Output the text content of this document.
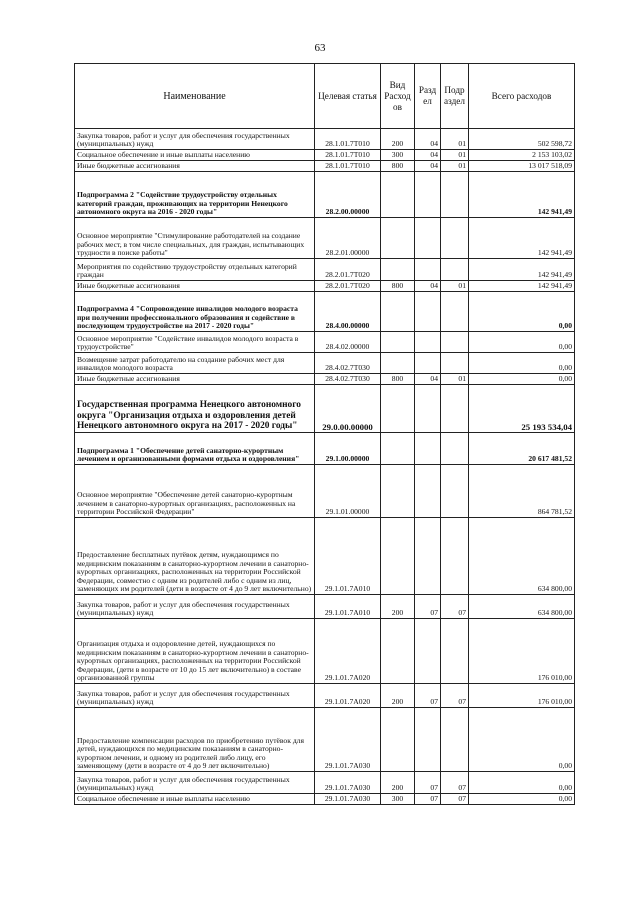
63
Наименование	Целевая статья	Вид Расходов	Раздел	Подраздел	Всего расходов
Закупка товаров, работ и услуг для обеспечения государственных (муниципальных) нужд	28.1.01.7Т010	200	04	01	502 598,72
Социальное обеспечение и иные выплаты населению	28.1.01.7Т010	300	04	01	2 153 103,02
Иные бюджетные ассигнования	28.1.01.7Т010	800	04	01	13 017 518,09
Подпрограмма 2 "Содействие трудоустройству отдельных категорий граждан, проживающих на территории Ненецкого автономного округа на 2016 - 2020 годы"	28.2.00.00000				142 941,49
Основное мероприятие "Стимулирование работодателей на создание рабочих мест, в том числе специальных, для граждан, испытывающих трудности в поиске работы"	28.2.01.00000				142 941,49
Мероприятия по содействию трудоустройству отдельных категорий граждан	28.2.01.7Т020				142 941,49
Иные бюджетные ассигнования	28.2.01.7Т020	800	04	01	142 941,49
Подпрограмма 4 "Сопровождение инвалидов молодого возраста при получении профессионального образования и содействие в последующем трудоустройстве на 2017 - 2020 годы"	28.4.00.00000				0,00
Основное мероприятие "Содействие инвалидов молодого возраста в трудоустройстве"	28.4.02.00000				0,00
Возмещение затрат работодателю на создание рабочих мест для инвалидов молодого возраста	28.4.02.7Т030				0,00
Иные бюджетные ассигнования	28.4.02.7Т030	800	04	01	0,00
Государственная программа Ненецкого автономного округа "Организация отдыха и оздоровления детей Ненецкого автономного округа на 2017 - 2020 годы"	29.0.00.00000				25 193 534,04
Подпрограмма 1 "Обеспечение детей санаторно-курортным лечением и организованными формами отдыха и оздоровления"	29.1.00.00000				20 617 481,52
Основное мероприятие "Обеспечение детей санаторно-курортным лечением в санаторно-курортных организациях, расположенных на территории Российской Федерации"	29.1.01.00000				864 781,52
Предоставление бесплатных путёвок детям, нуждающимся по медицинским показаниям в санаторно-курортном лечении в санаторно-курортных организациях, расположенных на территории Российской Федерации, совместно с одним из родителей либо с одним из лиц, заменяющих им родителей (дети в возрасте от 4 до 9 лет включительно)	29.1.01.7А010				634 800,00
Закупка товаров, работ и услуг для обеспечения государственных (муниципальных) нужд	29.1.01.7А010	200	07	07	634 800,00
Организация отдыха и оздоровление детей, нуждающихся по медицинским показаниям в санаторно-курортном лечении в санаторно-курортных организациях, расположенных на территории Российской Федерации, (дети в возрасте от 10 до 15 лет включительно) в составе организованной группы	29.1.01.7А020				176 010,00
Закупка товаров, работ и услуг для обеспечения государственных (муниципальных) нужд	29.1.01.7А020	200	07	07	176 010,00
Предоставление компенсации расходов по приобретению путёвок для детей, нуждающихся по медицинским показаниям в санаторно-курортном лечении, и одному из родителей либо лицу, его заменяющему (дети в возрасте от 4 до 9 лет включительно)	29.1.01.7А030				0,00
Закупка товаров, работ и услуг для обеспечения государственных (муниципальных) нужд	29.1.01.7А030	200	07	07	0,00
Социальное обеспечение и иные выплаты населению	29.1.01.7А030	300	07	07	0,00
